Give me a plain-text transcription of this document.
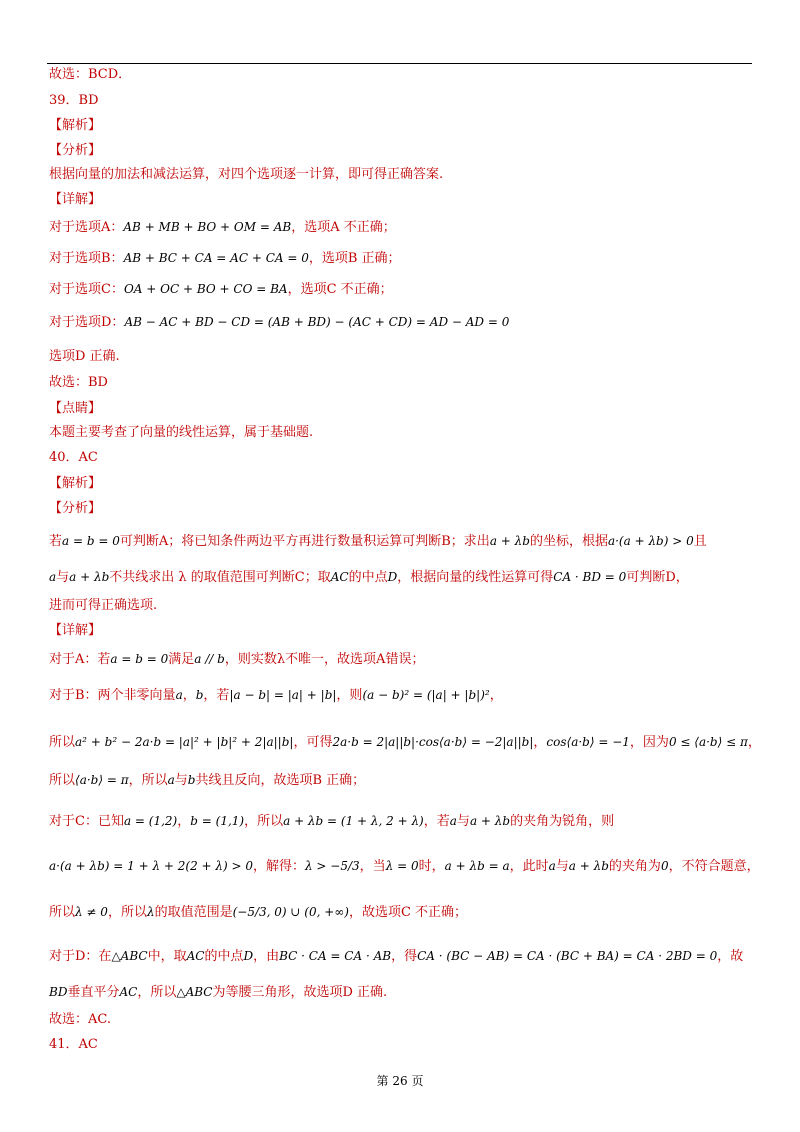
故选：BCD．
39．BD
【解析】
【分析】
根据向量的加法和减法运算，对四个选项逐一计算，即可得正确答案.
【详解】
对于选项A：AB + MB + BO + OM = AB，选项A 不正确；
对于选项B：AB + BC + CA = AC + CA = 0，选项B 正确；
对于选项C：OA + OC + BO + CO = BA，选项C 不正确；
对于选项D：AB − AC + BD − CD = (AB + BD) − (AC + CD) = AD − AD = 0
选项D 正确.
故选：BD
【点睛】
本题主要考查了向量的线性运算，属于基础题.
40．AC
【解析】
【分析】
若a = b = 0可判断A；将已知条件两边平方再进行数量积运算可判断B；求出a + λb的坐标，根据a·(a + λb) > 0且
a与a + λb不共线求出 λ 的取值范围可判断C；取AC的中点D，根据向量的线性运算可得CA · BD = 0可判断D，
进而可得正确选项.
【详解】
对于A：若a = b = 0满足a // b，则实数λ不唯一，故选项A错误；
对于B：两个非零向量a，b，若|a − b| = |a| + |b|，则(a − b)² = (|a| + |b|)²，
所以a² + b² − 2a·b = |a|² + |b|² + 2|a||b|，可得2a·b = 2|a||b|·cos⟨a·b⟩ = −2|a||b|，cos⟨a·b⟩ = −1，因为0 ≤ ⟨a·b⟩ ≤ π，
所以⟨a·b⟩ = π，所以a与b共线且反向，故选项B 正确；
对于C：已知a = (1,2)，b = (1,1)，所以a + λb = (1 + λ, 2 + λ)，若a与a + λb的夹角为锐角，则
a·(a + λb) = 1 + λ + 2(2 + λ) > 0，解得：λ > −5/3，当λ = 0时，a + λb = a，此时a与a + λb的夹角为0，不符合题意，
所以λ ≠ 0，所以λ的取值范围是(−5/3, 0) ∪ (0, +∞)，故选项C 不正确；
对于D：在△ABC中，取AC的中点D，由BC · CA = CA · AB，得CA · (BC − AB) = CA · (BC + BA) = CA · 2BD = 0，故
BD垂直平分AC，所以△ABC为等腰三角形，故选项D 正确.
故选：AC.
41．AC
第 26 页
